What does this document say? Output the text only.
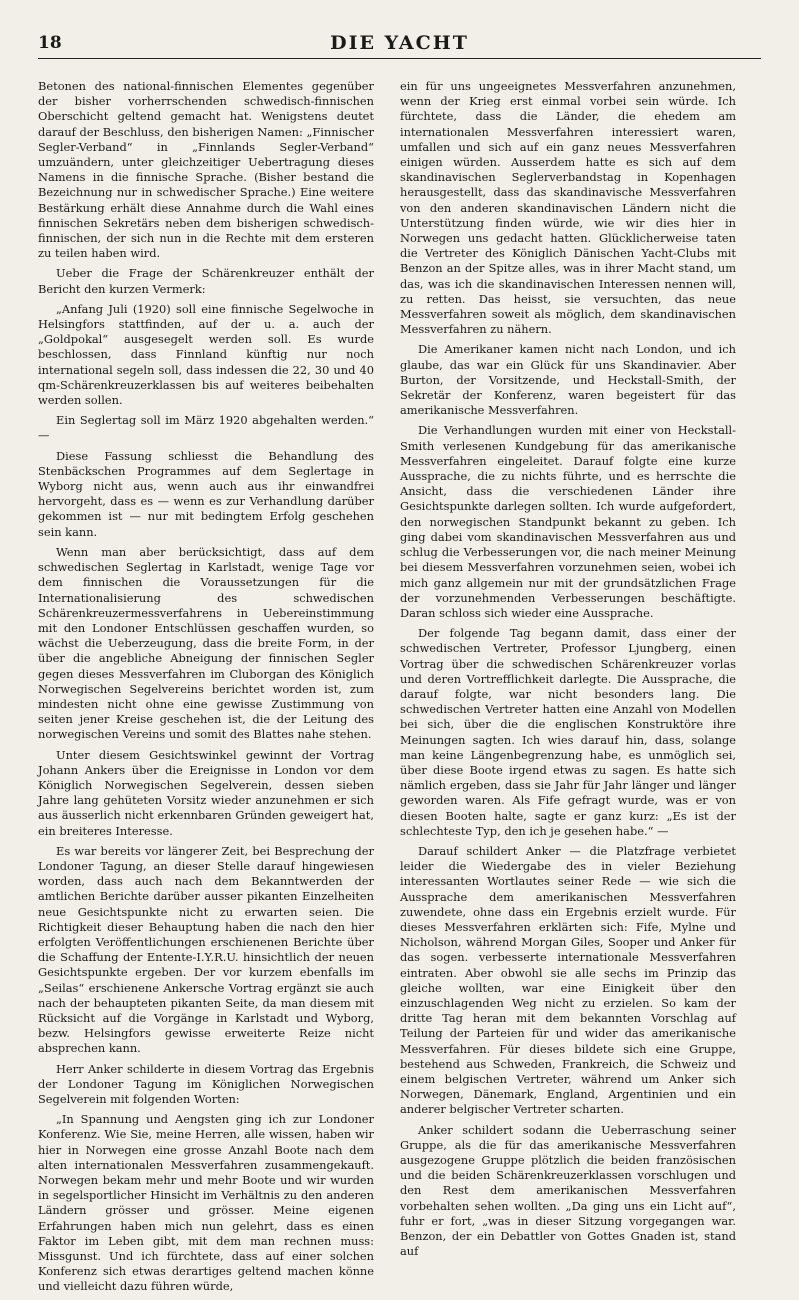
18	DIE YACHT

Betonen des national-finnischen Elementes gegenüber der bisher vorherrschenden schwedisch-finnischen Oberschicht geltend gemacht hat. Wenigstens deutet darauf der Beschluss, den bisherigen Namen: „Finnischer Segler-Verband“ in „Finnlands Segler-Verband“ umzuändern, unter gleichzeitiger Uebertragung dieses Namens in die finnische Sprache. (Bisher bestand die Bezeichnung nur in schwedischer Sprache.) Eine weitere Bestärkung erhält diese Annahme durch die Wahl eines finnischen Sekretärs neben dem bisherigen schwedisch-finnischen, der sich nun in die Rechte mit dem ersteren zu teilen haben wird.

Ueber die Frage der Schärenkreuzer enthält der Bericht den kurzen Vermerk:

„Anfang Juli (1920) soll eine finnische Segelwoche in Helsingfors stattfinden, auf der u. a. auch der „Goldpokal“ ausgesegelt werden soll. Es wurde beschlossen, dass Finnland künftig nur noch international segeln soll, dass indessen die 22, 30 und 40 qm-Schärenkreuzerklassen bis auf weiteres beibehalten werden sollen.

Ein Seglertag soll im März 1920 abgehalten werden.“ —

Diese Fassung schliesst die Behandlung des Stenbäckschen Programmes auf dem Seglertage in Wyborg nicht aus, wenn auch aus ihr einwandfrei hervorgeht, dass es — wenn es zur Verhandlung darüber gekommen ist — nur mit bedingtem Erfolg geschehen sein kann.

Wenn man aber berücksichtigt, dass auf dem schwedischen Seglertag in Karlstadt, wenige Tage vor dem finnischen die Voraussetzungen für die Internationalisierung des schwedischen Schärenkreuzermessverfahrens in Uebereinstimmung mit den Londoner Entschlüssen geschaffen wurden, so wächst die Ueberzeugung, dass die breite Form, in der über die angebliche Abneigung der finnischen Segler gegen dieses Messverfahren im Cluborgan des Königlich Norwegischen Segelvereins berichtet worden ist, zum mindesten nicht ohne eine gewisse Zustimmung von seiten jener Kreise geschehen ist, die der Leitung des norwegischen Vereins und somit des Blattes nahe stehen.

Unter diesem Gesichtswinkel gewinnt der Vortrag Johann Ankers über die Ereignisse in London vor dem Königlich Norwegischen Segelverein, dessen sieben Jahre lang gehüteten Vorsitz wieder anzunehmen er sich aus äusserlich nicht erkennbaren Gründen geweigert hat, ein breiteres Interesse.

Es war bereits vor längerer Zeit, bei Besprechung der Londoner Tagung, an dieser Stelle darauf hingewiesen worden, dass auch nach dem Bekanntwerden der amtlichen Berichte darüber ausser pikanten Einzelheiten neue Gesichtspunkte nicht zu erwarten seien. Die Richtigkeit dieser Behauptung haben die nach den hier erfolgten Veröffentlichungen erschienenen Berichte über die Schaffung der Entente-I.Y.R.U. hinsichtlich der neuen Gesichtspunkte ergeben. Der vor kurzem ebenfalls im „Seilas“ erschienene Ankersche Vortrag ergänzt sie auch nach der behaupteten pikanten Seite, da man diesem mit Rücksicht auf die Vorgänge in Karlstadt und Wyborg, bezw. Helsingfors gewisse erweiterte Reize nicht absprechen kann.

Herr Anker schilderte in diesem Vortrag das Ergebnis der Londoner Tagung im Königlichen Norwegischen Segelverein mit folgenden Worten:

„In Spannung und Aengsten ging ich zur Londoner Konferenz. Wie Sie, meine Herren, alle wissen, haben wir hier in Norwegen eine grosse Anzahl Boote nach dem alten internationalen Messverfahren zusammengekauft. Norwegen bekam mehr und mehr Boote und wir wurden in segelsportlicher Hinsicht im Verhältnis zu den anderen Ländern grösser und grösser. Meine eigenen Erfahrungen haben mich nun gelehrt, dass es einen Faktor im Leben gibt, mit dem man rechnen muss: Missgunst. Und ich fürchtete, dass auf einer solchen Konferenz sich etwas derartiges geltend machen könne und vielleicht dazu führen würde,

ein für uns ungeeignetes Messverfahren anzunehmen, wenn der Krieg erst einmal vorbei sein würde. Ich fürchtete, dass die Länder, die ehedem am internationalen Messverfahren interessiert waren, umfallen und sich auf ein ganz neues Messverfahren einigen würden. Ausserdem hatte es sich auf dem skandinavischen Seglerverbandstag in Kopenhagen herausgestellt, dass das skandinavische Messverfahren von den anderen skandinavischen Ländern nicht die Unterstützung finden würde, wie wir dies hier in Norwegen uns gedacht hatten. Glücklicherweise taten die Vertreter des Königlich Dänischen Yacht-Clubs mit Benzon an der Spitze alles, was in ihrer Macht stand, um das, was ich die skandinavischen Interessen nennen will, zu retten. Das heisst, sie versuchten, das neue Messverfahren soweit als möglich, dem skandinavischen Messverfahren zu nähern.

Die Amerikaner kamen nicht nach London, und ich glaube, das war ein Glück für uns Skandinavier. Aber Burton, der Vorsitzende, und Heckstall-Smith, der Sekretär der Konferenz, waren begeistert für das amerikanische Messverfahren.

Die Verhandlungen wurden mit einer von Heckstall-Smith verlesenen Kundgebung für das amerikanische Messverfahren eingeleitet. Darauf folgte eine kurze Aussprache, die zu nichts führte, und es herrschte die Ansicht, dass die verschiedenen Länder ihre Gesichtspunkte darlegen sollten. Ich wurde aufgefordert, den norwegischen Standpunkt bekannt zu geben. Ich ging dabei vom skandinavischen Messverfahren aus und schlug die Verbesserungen vor, die nach meiner Meinung bei diesem Messverfahren vorzunehmen seien, wobei ich mich ganz allgemein nur mit der grundsätzlichen Frage der vorzunehmenden Verbesserungen beschäftigte. Daran schloss sich wieder eine Aussprache.

Der folgende Tag begann damit, dass einer der schwedischen Vertreter, Professor Ljungberg, einen Vortrag über die schwedischen Schärenkreuzer vorlas und deren Vortrefflichkeit darlegte. Die Aussprache, die darauf folgte, war nicht besonders lang. Die schwedischen Vertreter hatten eine Anzahl von Modellen bei sich, über die die englischen Konstruktöre ihre Meinungen sagten. Ich wies darauf hin, dass, solange man keine Längenbegrenzung habe, es unmöglich sei, über diese Boote irgend etwas zu sagen. Es hatte sich nämlich ergeben, dass sie Jahr für Jahr länger und länger geworden waren. Als Fife gefragt wurde, was er von diesen Booten halte, sagte er ganz kurz: „Es ist der schlechteste Typ, den ich je gesehen habe.“ —

Darauf schildert Anker — die Platzfrage verbietet leider die Wiedergabe des in vieler Beziehung interessanten Wortlautes seiner Rede — wie sich die Aussprache dem amerikanischen Messverfahren zuwendete, ohne dass ein Ergebnis erzielt wurde. Für dieses Messverfahren erklärten sich: Fife, Mylne und Nicholson, während Morgan Giles, Sooper und Anker für das sogen. verbesserte internationale Messverfahren eintraten. Aber obwohl sie alle sechs im Prinzip das gleiche wollten, war eine Einigkeit über den einzuschlagenden Weg nicht zu erzielen. So kam der dritte Tag heran mit dem bekannten Vorschlag auf Teilung der Parteien für und wider das amerikanische Messverfahren. Für dieses bildete sich eine Gruppe, bestehend aus Schweden, Frankreich, die Schweiz und einem belgischen Vertreter, während um Anker sich Norwegen, Dänemark, England, Argentinien und ein anderer belgischer Vertreter scharten.

Anker schildert sodann die Ueberraschung seiner Gruppe, als die für das amerikanische Messverfahren ausgezogene Gruppe plötzlich die beiden französischen und die beiden Schärenkreuzerklassen vorschlugen und den Rest dem amerikanischen Messverfahren vorbehalten sehen wollten. „Da ging uns ein Licht auf“, fuhr er fort, „was in dieser Sitzung vorgegangen war. Benzon, der ein Debattler von Gottes Gnaden ist, stand auf
